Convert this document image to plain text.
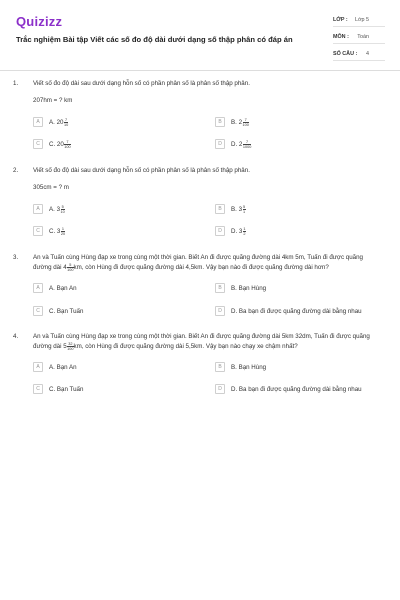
Quizizz
Trắc nghiệm Bài tập Viết các số đo độ dài dưới dạng số thập phân có đáp án
LỚP : Lớp 5
MÔN : Toán
SỐ CÂU : 4
1. Viết số đo độ dài sau dưới dạng hỗn số có phần phân số là phân số thập phân.
207hm = ? km
A	A. $20 \frac{7}{10}$	B	B. $2 \frac{7}{100}$
C	C. $20 \frac{7}{100}$	D	D. $2 \frac{7}{1000}$
2. Viết số đo độ dài sau dưới dạng hỗn số có phần phân số là phân số thập phân.
305cm = ? m
A	A. $3 \frac{5}{10}$	B	B. $3 \frac{5}{1}$
C	C. $3 \frac{1}{20}$	D	D. $3 \frac{1}{2}$
3. An và Tuấn cùng Hùng đạp xe trong cùng một thời gian. Biết An đi được quãng đường dài 4km 5m, Tuấn đi được quãng đường dài $4 \frac{5}{100}$ km, còn Hùng đi được quãng đường dài 4,5km. Vậy bạn nào đi được quãng đường dài hơn?
A	A. Bạn An	B	B. Bạn Hùng
C	C. Bạn Tuấn	D	D. Ba bạn đi được quãng đường dài bằng nhau
4. An và Tuấn cùng Hùng đạp xe trong cùng một thời gian. Biết An đi được quãng đường dài 5km 32dm, Tuấn đi được quãng đường dài $5 \frac{32}{100}$ km, còn Hùng đi được quãng đường dài 5,5km. Vậy bạn nào chạy xe chậm nhất?
A	A. Bạn An	B	B. Bạn Hùng
C	C. Bạn Tuấn	D	D. Ba bạn đi được quãng đường dài bằng nhau
